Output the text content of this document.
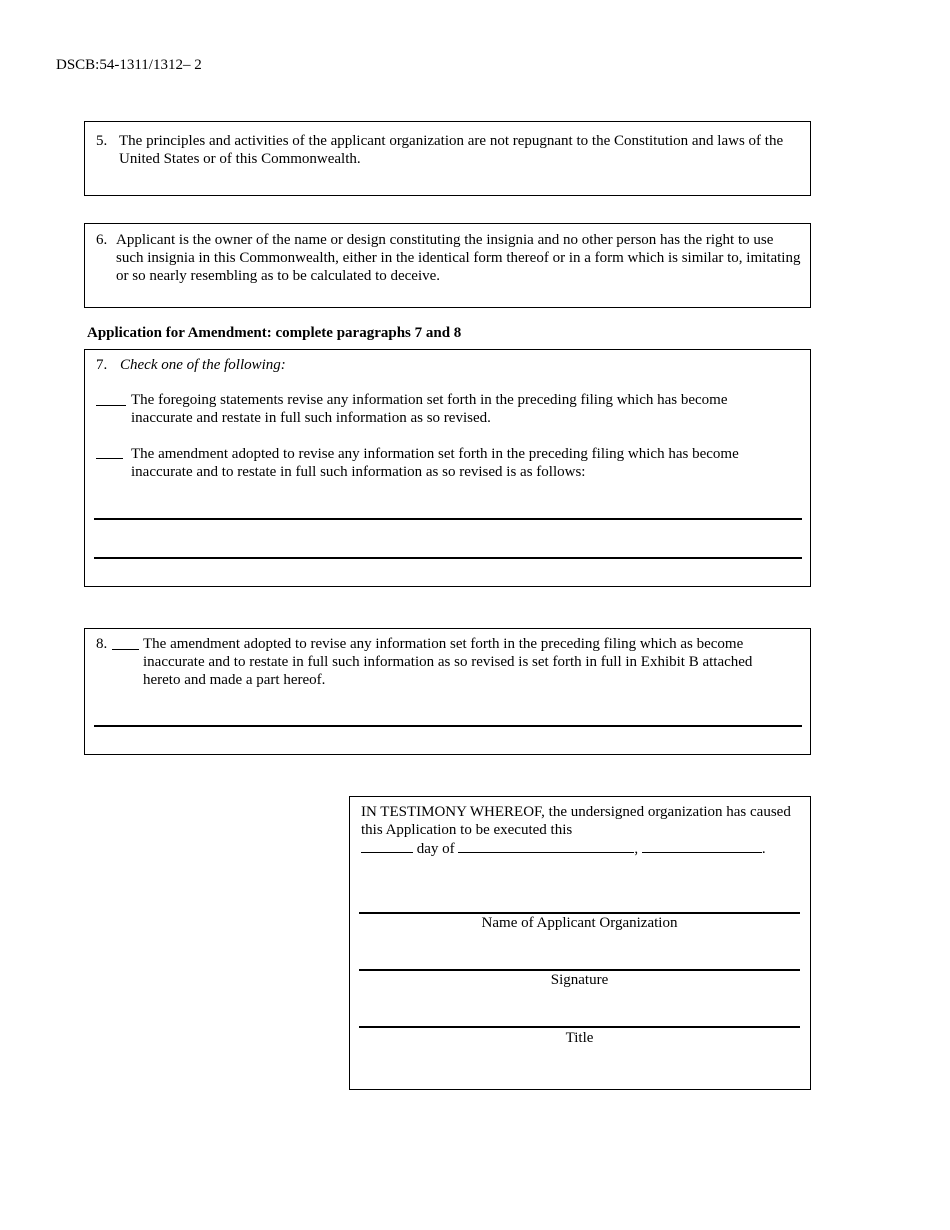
DSCB:54-1311/1312– 2
5. The principles and activities of the applicant organization are not repugnant to the Constitution and laws of the United States or of this Commonwealth.
6. Applicant is the owner of the name or design constituting the insignia and no other person has the right to use such insignia in this Commonwealth, either in the identical form thereof or in a form which is similar to, imitating or so nearly resembling as to be calculated to deceive.
Application for Amendment: complete paragraphs 7 and 8
7. Check one of the following:
The foregoing statements revise any information set forth in the preceding filing which has become inaccurate and restate in full such information as so revised.
The amendment adopted to revise any information set forth in the preceding filing which has become inaccurate and to restate in full such information as so revised is as follows:
8. The amendment adopted to revise any information set forth in the preceding filing which as become inaccurate and to restate in full such information as so revised is set forth in full in Exhibit B attached hereto and made a part hereof.
IN TESTIMONY WHEREOF, the undersigned organization has caused this Application to be executed this
day of	,	.
Name of Applicant Organization
Signature
Title
